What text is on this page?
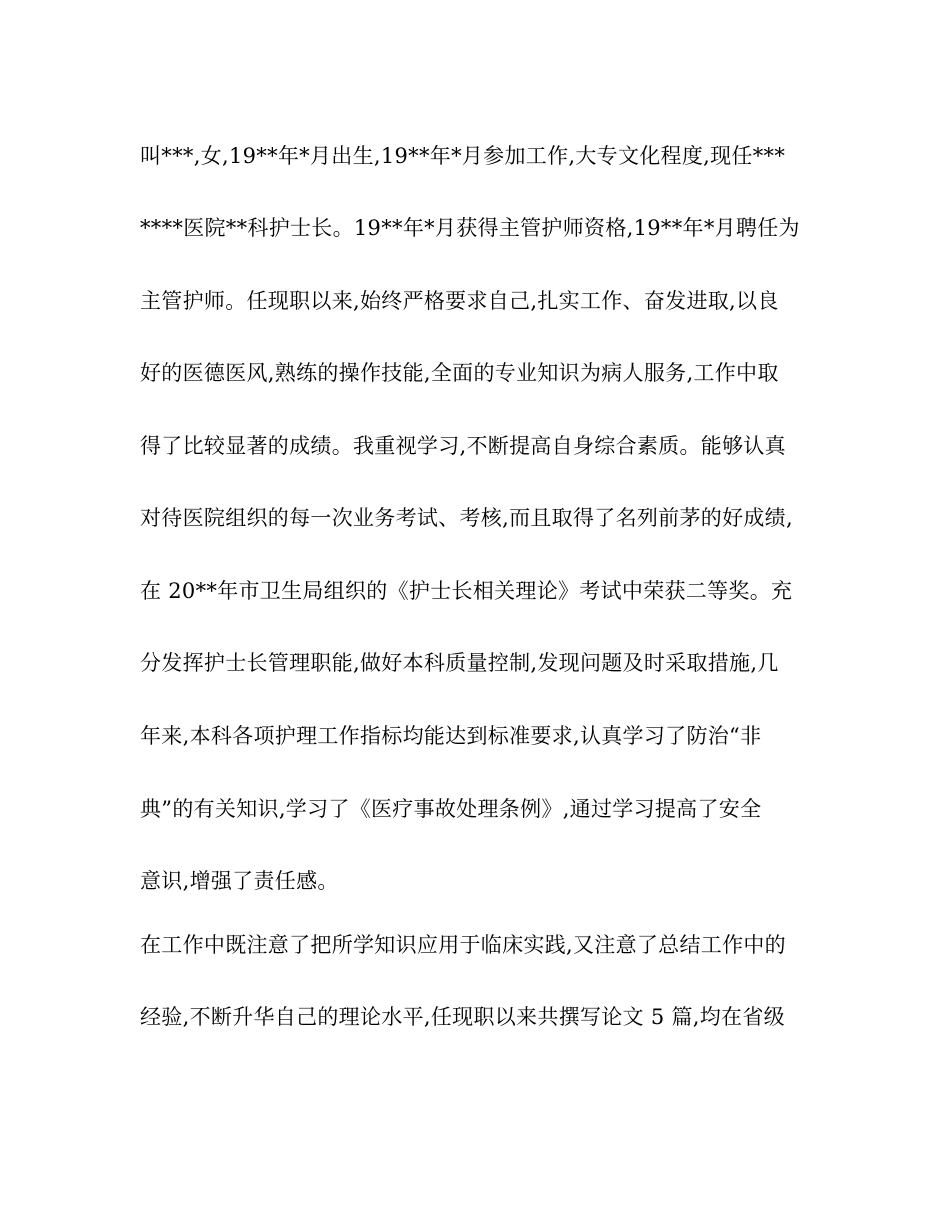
叫***,女,19**年*月出生,19**年*月参加工作,大专文化程度,现任***
****医院**科护士长。19**年*月获得主管护师资格,19**年*月聘任为
主管护师。任现职以来,始终严格要求自己,扎实工作、奋发进取,以良
好的医德医风,熟练的操作技能,全面的专业知识为病人服务,工作中取
得了比较显著的成绩。我重视学习,不断提高自身综合素质。能够认真
对待医院组织的每一次业务考试、考核,而且取得了名列前茅的好成绩,
在 20**年市卫生局组织的《护士长相关理论》考试中荣获二等奖。充
分发挥护士长管理职能,做好本科质量控制,发现问题及时采取措施,几
年来,本科各项护理工作指标均能达到标准要求,认真学习了防治“非
典”的有关知识,学习了《医疗事故处理条例》,通过学习提高了安全
意识,增强了责任感。
在工作中既注意了把所学知识应用于临床实践,又注意了总结工作中的
经验,不断升华自己的理论水平,任现职以来共撰写论文 5 篇,均在省级
